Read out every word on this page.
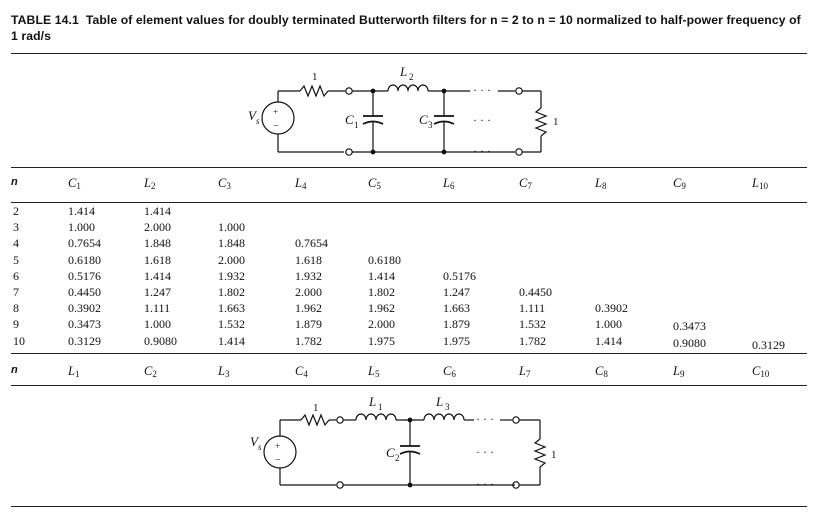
TABLE 14.1 Table of element values for doubly terminated Butterworth filters for n = 2 to n = 10 normalized to half-power frequency of 1 rad/s
+
−
V s
1
C 1
L 2
C 3
· · ·
· · ·
· · ·
1
n	$C_1$	$L_2$	$C_3$	$L_4$	$C_5$	$L_6$	$C_7$	$L_8$	$C_9$	$L_{10}$
2	1.414	1.414
3	1.000	2.000	1.000
4	0.7654	1.848	1.848	0.7654
5	0.6180	1.618	2.000	1.618	0.6180
6	0.5176	1.414	1.932	1.932	1.414	0.5176
7	0.4450	1.247	1.802	2.000	1.802	1.247	0.4450
8	0.3902	1.111	1.663	1.962	1.962	1.663	1.111	0.3902
9	0.3473	1.000	1.532	1.879	2.000	1.879	1.532	1.000	0.3473
10	0.3129	0.9080	1.414	1.782	1.975	1.975	1.782	1.414	0.9080	0.3129
n	$L_1$	$C_2$	$L_3$	$C_4$	$L_5$	$C_6$	$L_7$	$C_8$	$L_9$	$C_{10}$
+
−
V s
1	L 1
C 2
L 3
· · ·
· · ·
· · ·
1
